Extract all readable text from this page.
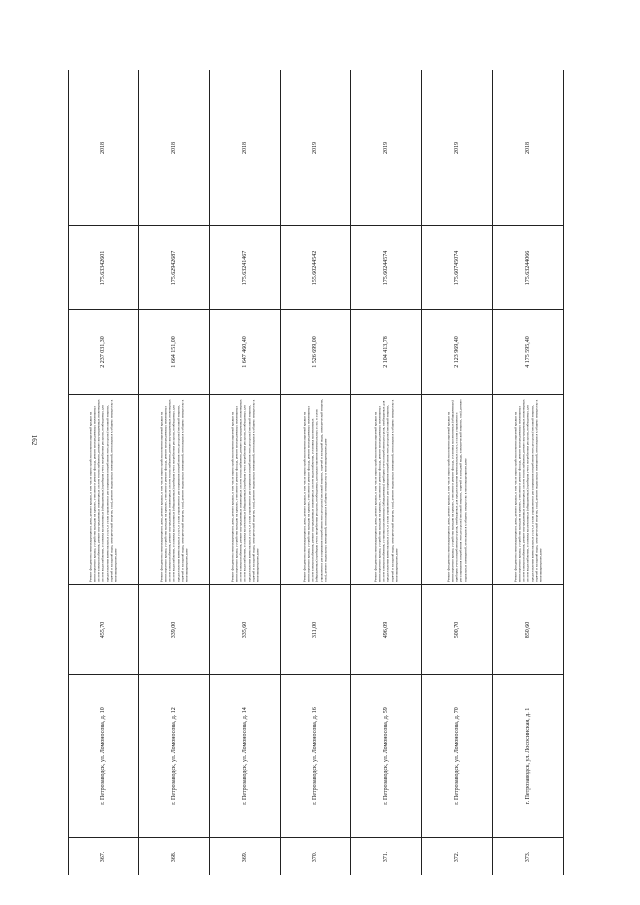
162
2018
175.63342601
2 237 031,30
Ремонт фундамента многоквартирного дома, ремонт крыши, в том числе переустройство невентилируемой крыши на вентилируемую крышу, устройство выходов на кровлю, утепление и ремонт фасада, ремонт внутридомовых инженерных систем электроснабжения, ремонт внутридомовых инженерных систем теплоснабжения, ремонт внутридомовых инженерных систем водоснабжения, установка коллективных (общедомовых) приборов учета потребления ресурсов, необходимых для предоставления коммунальных услуг, и узлов управления и регулирования потребления этих ресурсов (тепловой энергии, горячей и холодной воды, электрической энергии, газа), ремонт подвальных помещений, относящихся к общему имуществу в многоквартирном доме
455,70
г. Петрозаводск, ул. Ломоносова, д. 10
367.
2018
175.62942687
1 664 151,00
Ремонт фундамента многоквартирного дома, ремонт крыши, в том числе переустройство невентилируемой крыши на вентилируемую крышу, устройство выходов на кровлю, утепление и ремонт фасада, ремонт внутридомовых инженерных систем электроснабжения, ремонт внутридомовых инженерных систем теплоснабжения, ремонт внутридомовых инженерных систем водоснабжения, установка коллективных (общедомовых) приборов учета потребления ресурсов, необходимых для предоставления коммунальных услуг, и узлов управления и регулирования потребления этих ресурсов (тепловой энергии, горячей и холодной воды, электрической энергии, газа), ремонт подвальных помещений, относящихся к общему имуществу в многоквартирном доме
339,00
г. Петрозаводск, ул. Ломоносова, д. 12
368.
2018
175.63241467
1 647 460,40
Ремонт фундамента многоквартирного дома, ремонт крыши, в том числе переустройство невентилируемой крыши на вентилируемую крышу, устройство выходов на кровлю, утепление и ремонт фасада, ремонт внутридомовых инженерных систем электроснабжения, ремонт внутридомовых инженерных систем теплоснабжения, ремонт внутридомовых инженерных систем водоснабжения, установка коллективных (общедомовых) приборов учета потребления ресурсов, необходимых для предоставления коммунальных услуг, и узлов управления и регулирования потребления этих ресурсов (тепловой энергии, горячей и холодной воды, электрической энергии, газа), ремонт подвальных помещений, относящихся к общему имуществу в многоквартирном доме
335,60
г. Петрозаводск, ул. Ломоносова, д. 14
369.
2019
155.60244542
1 526 699,00
Ремонт фундамента многоквартирного дома, ремонт крыши, в том числе переустройство невентилируемой крыши на вентилируемую крышу, устройство выходов на кровлю, утепление и ремонт фасада, ремонт внутридомовых инженерных систем электроснабжения, ремонт внутридомовых инженерных систем водоснабжения, установка коллективных (общедомовых) приборов учета потребления ресурсов, необходимых для предоставления коммунальных услуг, и узлов управления и регулирования потребления этих ресурсов (тепловой энергии, горячей и холодной воды, электрической энергии, газа), ремонт подвальных помещений, относящихся к общему имуществу в многоквартирном доме
311,00
г. Петрозаводск, ул. Ломоносова, д. 16
370.
2019
175.60244574
2 104 413,78
Ремонт фундамента многоквартирного дома, ремонт крыши, в том числе переустройство невентилируемой крыши на вентилируемую крышу, устройство выходов на кровлю, утепление и ремонт фасада, ремонт внутридомовых инженерных систем электроснабжения, установка коллективных (общедомовых) приборов учета потребления ресурсов, необходимых для предоставления коммунальных услуг, и узлов управления и регулирования потребления этих ресурсов (тепловой энергии, горячей и холодной воды, электрической энергии, газа), ремонт подвальных помещений, относящихся к общему имуществу в многоквартирном доме
496,09
г. Петрозаводск, ул. Ломоносова, д. 59
371.
2019
175.60745074
2 123 969,40
Ремонт фундамента многоквартирного дома, ремонт крыши, в том числе переустройство невентилируемой крыши на вентилируемую крышу, устройство выходов на кровлю, утепление и ремонт фасада, установка коллективных (общедомовых) приборов учета потребления ресурсов, необходимых для предоставления коммунальных услуг, и узлов управления и регулирования потребления этих ресурсов (тепловой энергии, горячей и холодной воды, электрической энергии, газа), ремонт подвальных помещений, относящихся к общему имуществу в многоквартирном доме
500,70
г. Петрозаводск, ул. Ломоносова, д. 70
372.
2018
175.63244066
4 175 595,40
Ремонт фундамента многоквартирного дома, ремонт крыши, в том числе переустройство невентилируемой крыши на вентилируемую крышу, устройство выходов на кровлю, утепление и ремонт фасада, ремонт внутридомовых инженерных систем электроснабжения, ремонт внутридомовых инженерных систем теплоснабжения, ремонт внутридомовых инженерных систем водоснабжения, установка коллективных (общедомовых) приборов учета потребления ресурсов, необходимых для предоставления коммунальных услуг, и узлов управления и регулирования потребления этих ресурсов (тепловой энергии, горячей и холодной воды, электрической энергии, газа), ремонт подвальных помещений, относящихся к общему имуществу в многоквартирном доме
850,60
г. Петрозаводск, ул. Лососинская, д. 1
373.
